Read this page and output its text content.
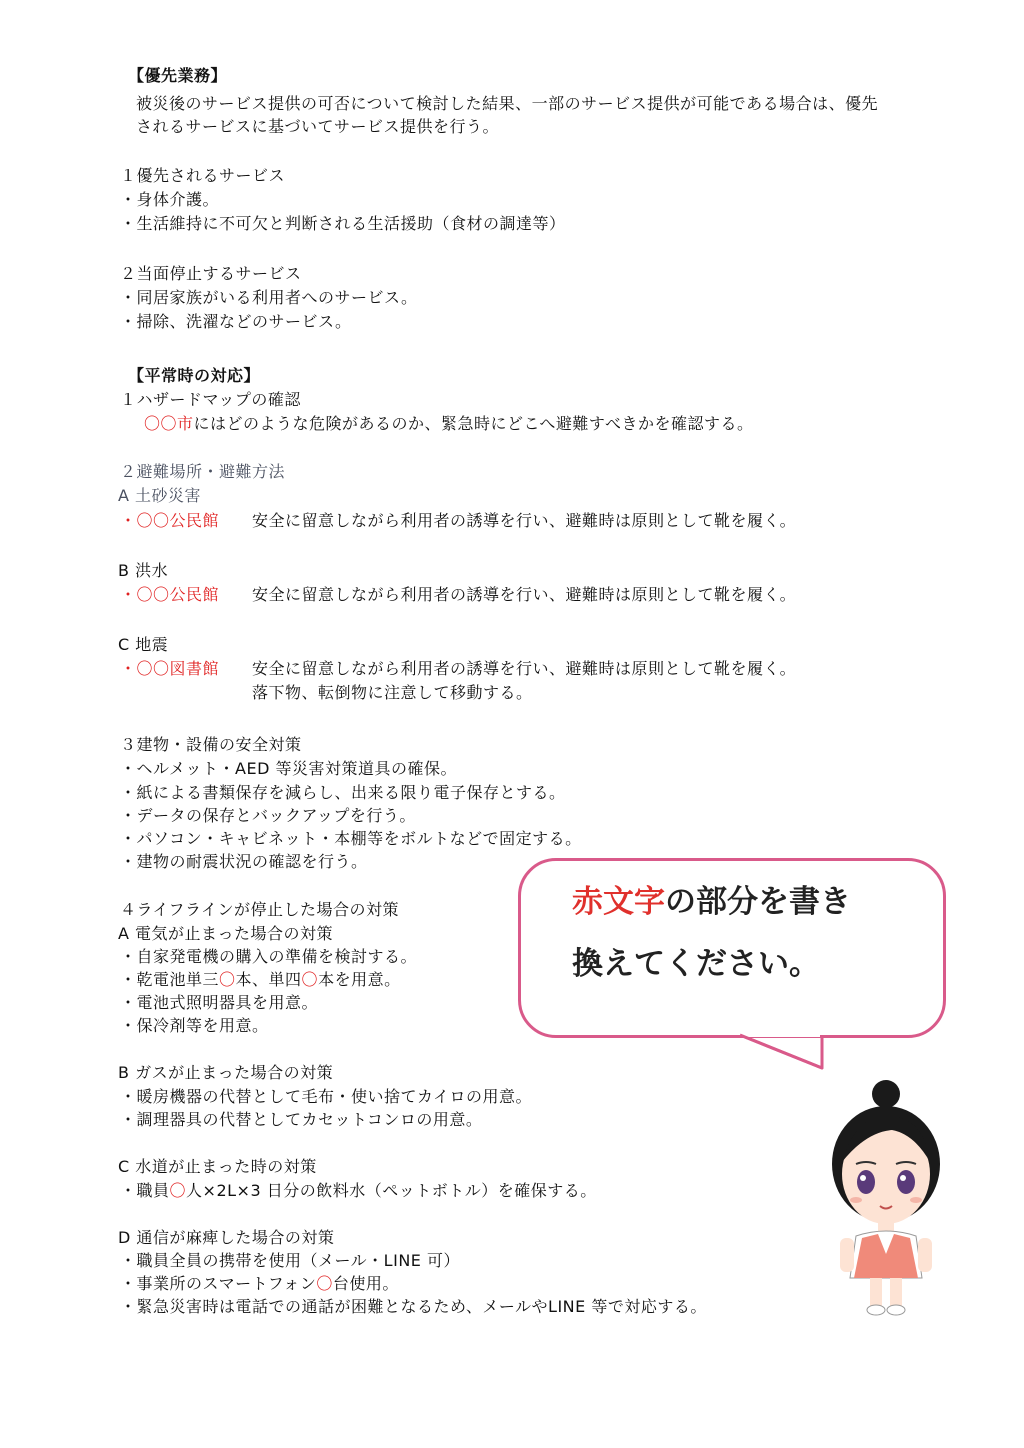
【優先業務】
被災後のサービス提供の可否について検討した結果、一部のサービス提供が可能である場合は、優先
されるサービスに基づいてサービス提供を行う。
１優先されるサービス
・身体介護。
・生活維持に不可欠と判断される生活援助（食材の調達等）
２当面停止するサービス
・同居家族がいる利用者へのサービス。
・掃除、洗濯などのサービス。
【平常時の対応】
１ハザードマップの確認
〇〇市にはどのような危険があるのか、緊急時にどこへ避難すべきかを確認する。
２避難場所・避難方法
A 土砂災害
・〇〇公民館 安全に留意しながら利用者の誘導を行い、避難時は原則として靴を履く。
B 洪水
・〇〇公民館 安全に留意しながら利用者の誘導を行い、避難時は原則として靴を履く。
C 地震
・〇〇図書館 安全に留意しながら利用者の誘導を行い、避難時は原則として靴を履く。
落下物、転倒物に注意して移動する。
３建物・設備の安全対策
・ヘルメット・AED 等災害対策道具の確保。
・紙による書類保存を減らし、出来る限り電子保存とする。
・データの保存とバックアップを行う。
・パソコン・キャビネット・本棚等をボルトなどで固定する。
・建物の耐震状況の確認を行う。
４ライフラインが停止した場合の対策
A 電気が止まった場合の対策
・自家発電機の購入の準備を検討する。
・乾電池単三〇本、単四〇本を用意。
・電池式照明器具を用意。
・保冷剤等を用意。
B ガスが止まった場合の対策
・暖房機器の代替として毛布・使い捨てカイロの用意。
・調理器具の代替としてカセットコンロの用意。
C 水道が止まった時の対策
・職員〇人×2L×3 日分の飲料水（ペットボトル）を確保する。
D 通信が麻痺した場合の対策
・職員全員の携帯を使用（メール・LINE 可）
・事業所のスマートフォン〇台使用。
・緊急災害時は電話での通話が困難となるため、メールやLINE 等で対応する。
赤文字の部分を書き
換えてください。
